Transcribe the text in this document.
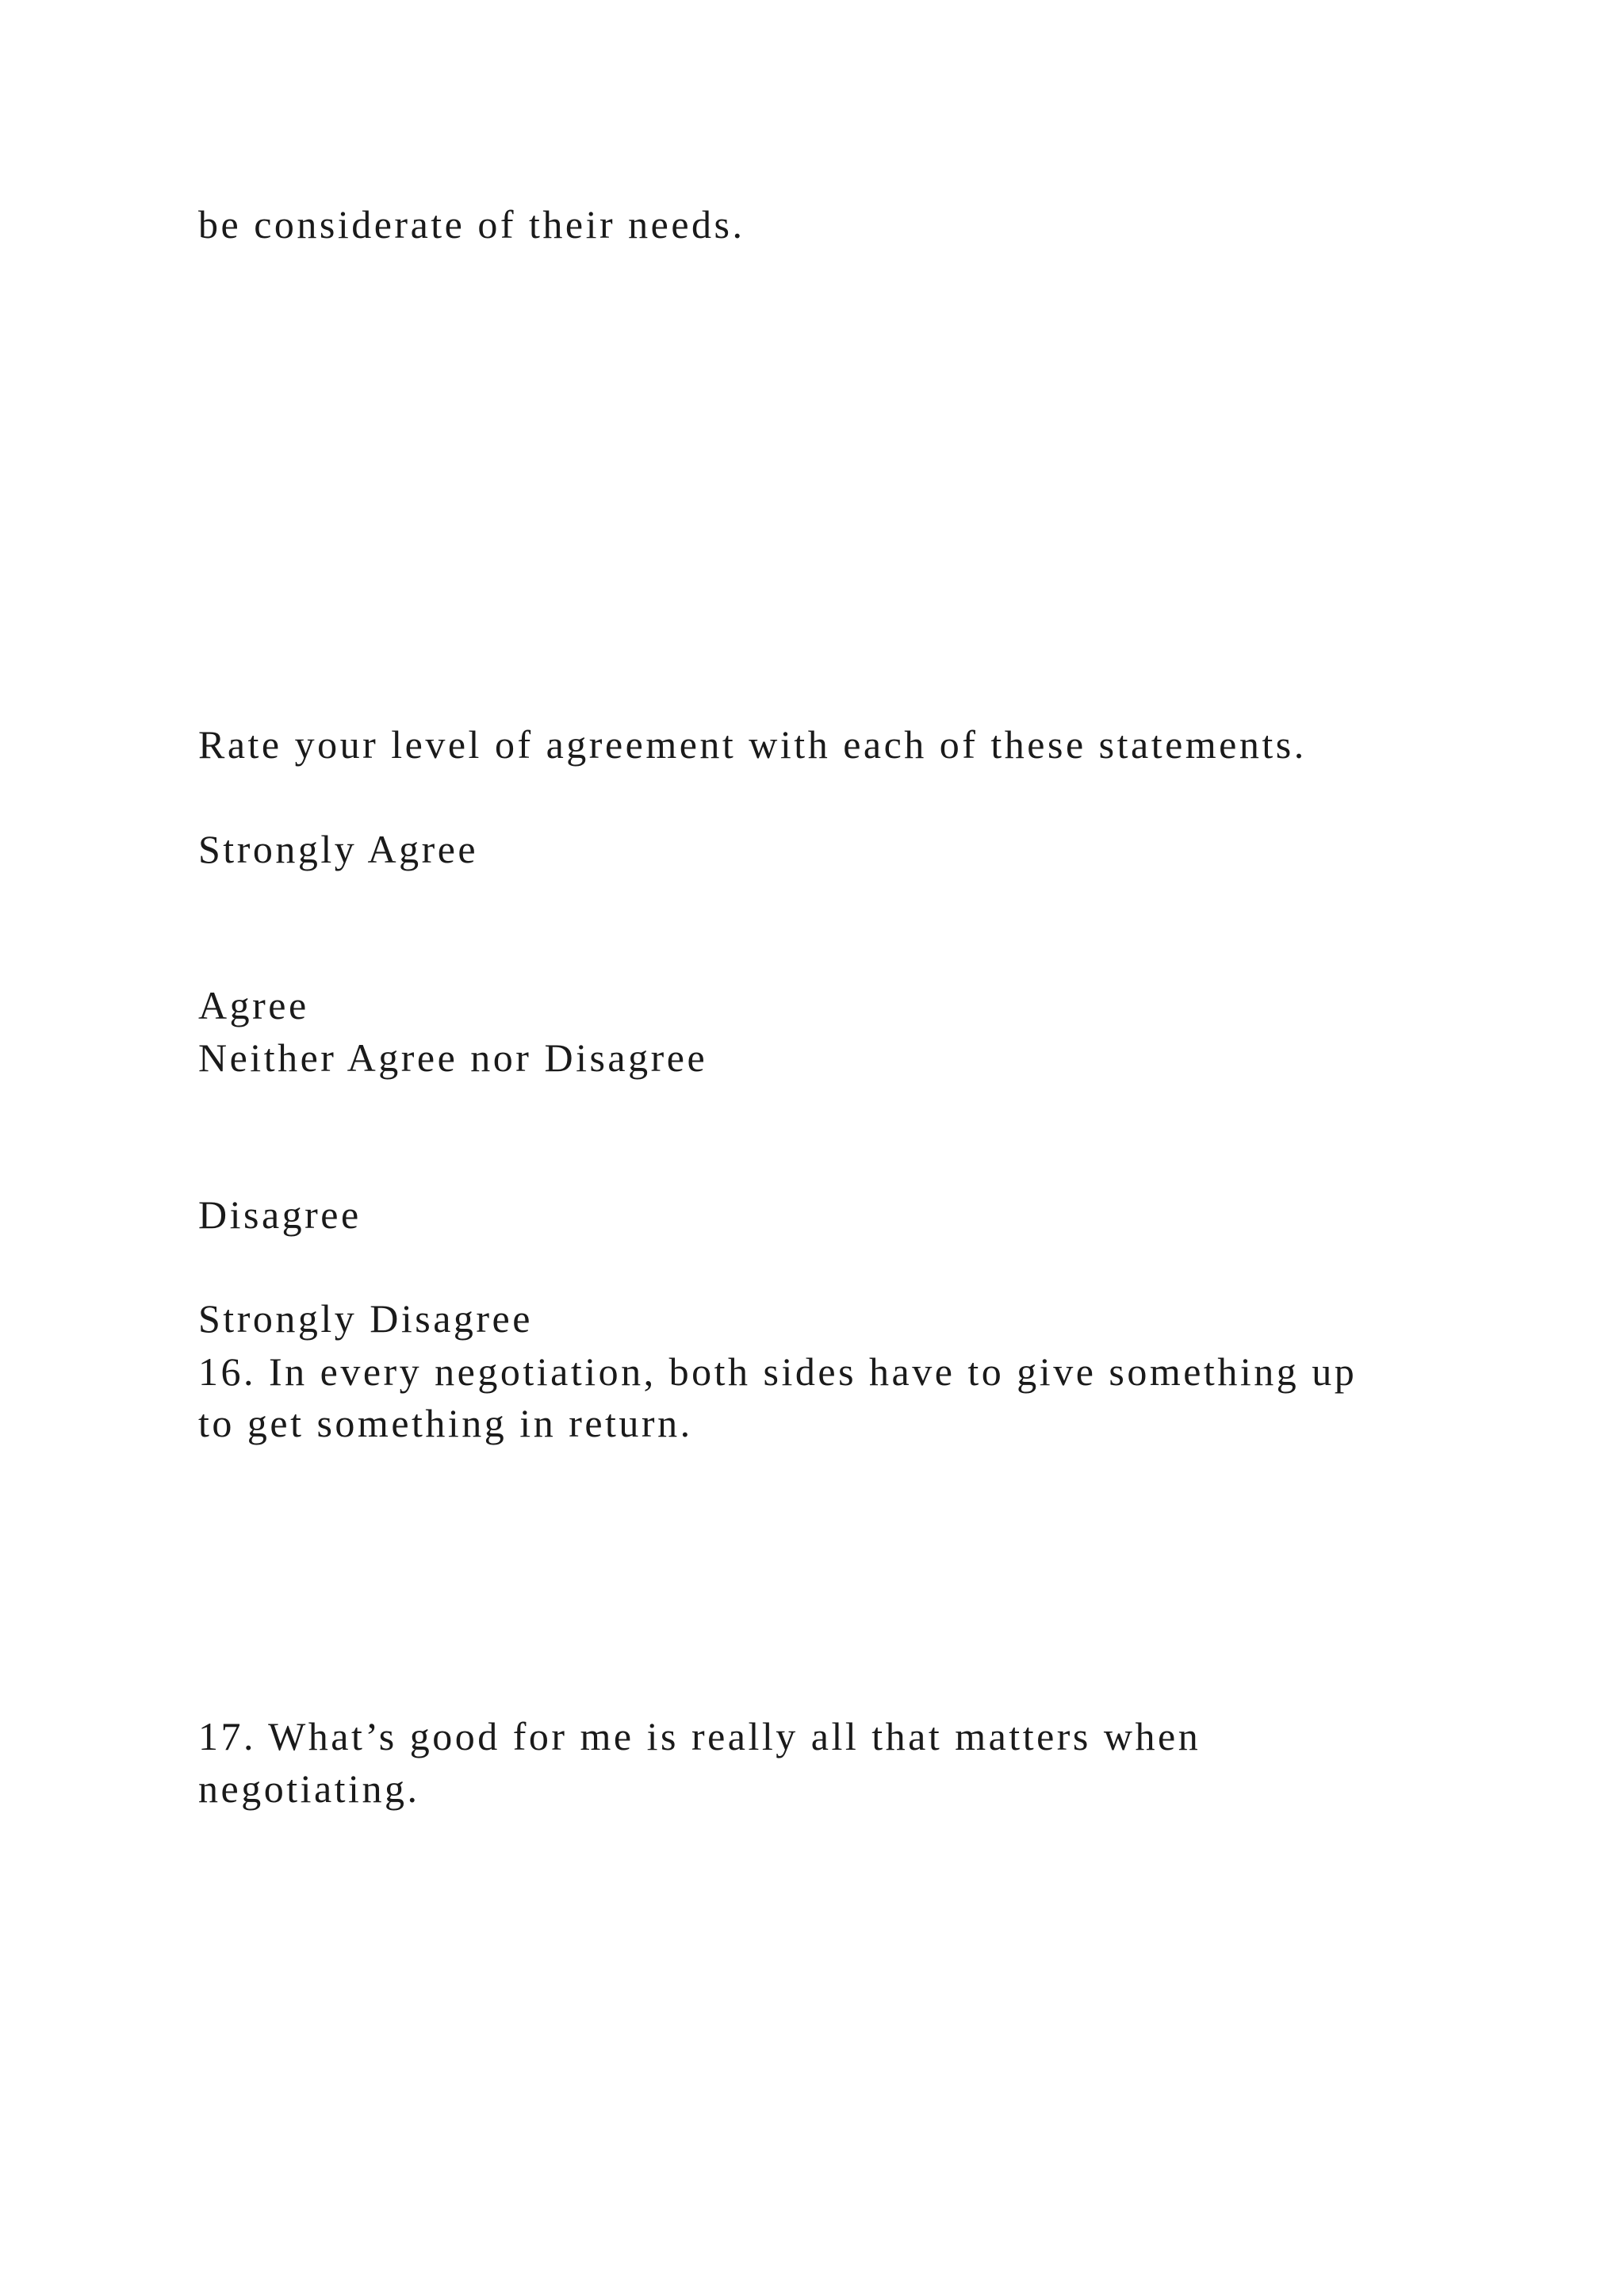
be considerate of their needs.

Rate your level of agreement with each of these statements.

Strongly Agree

Agree

Neither Agree nor Disagree

Disagree

Strongly Disagree

16. In every negotiation, both sides have to give something up

to get something in return.

17. What’s good for me is really all that matters when

negotiating.
